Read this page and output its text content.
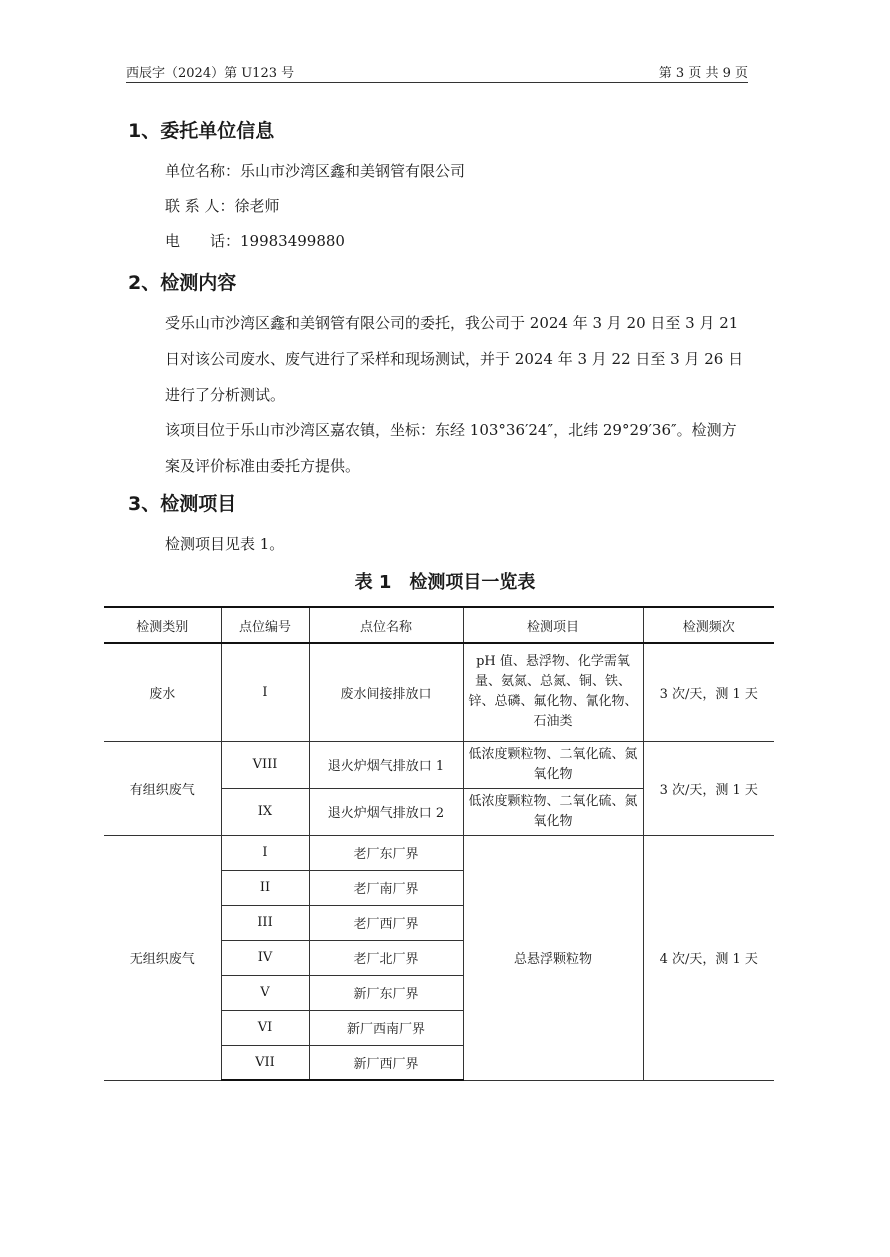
西辰字（2024）第 U123 号	第 3 页 共 9 页
1、委托单位信息
单位名称：乐山市沙湾区鑫和美钢管有限公司
联 系 人：徐老师
电　　话：19983499880
2、检测内容
受乐山市沙湾区鑫和美钢管有限公司的委托，我公司于 2024 年 3 月 20 日至 3 月 21 日对该公司废水、废气进行了采样和现场测试，并于 2024 年 3 月 22 日至 3 月 26 日进行了分析测试。
该项目位于乐山市沙湾区嘉农镇，坐标：东经 103°36′24″，北纬 29°29′36″。检测方案及评价标准由委托方提供。
3、检测项目
检测项目见表 1。
表 1　检测项目一览表
检测类别	点位编号	点位名称	检测项目	检测频次
废水	I	废水间接排放口	pH 值、悬浮物、化学需氧量、氨氮、总氮、铜、铁、锌、总磷、氟化物、氰化物、石油类	3 次/天，测 1 天
有组织废气	VIII	退火炉烟气排放口 1	低浓度颗粒物、二氧化硫、氮氧化物	3 次/天，测 1 天
	IX	退火炉烟气排放口 2	低浓度颗粒物、二氧化硫、氮氧化物	
无组织废气	I	老厂东厂界	总悬浮颗粒物	4 次/天，测 1 天
	II	老厂南厂界		
	III	老厂西厂界		
	IV	老厂北厂界		
	V	新厂东厂界		
	VI	新厂西南厂界		
	VII	新厂西厂界		
